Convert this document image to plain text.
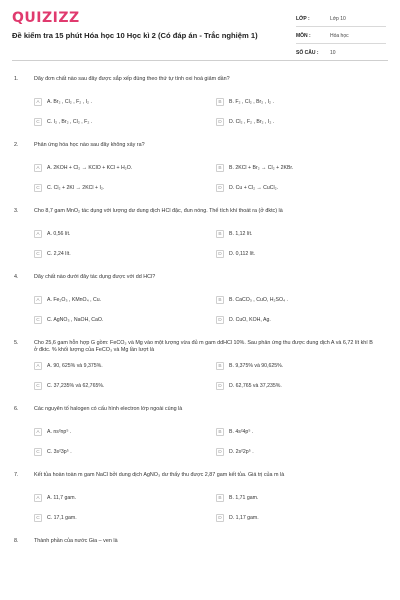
QUIZIZZ
Đề kiểm tra 15 phút Hóa học 10 Học kì 2 (Có đáp án - Trắc nghiệm 1)
LỚP :	Lớp 10
MÔN :	Hóa học
SỐ CÂU :	10
1.	Dãy đơn chất nào sau đây được sắp xếp đúng theo thứ tự tính oxi hoá giảm dần?
A	A. Br₂ , Cl₂ , F₂ , I₂ .	B	B. F₂ , Cl₂ , Br₂ , I₂ .
C	C. I₂ , Br₂ , Cl₂ , F₂ .	D	D. Cl₂ , F₂ , Br₂ , I₂ .
2.	Phản ứng hóa học nào sau đây không xảy ra?
A	A. 2KOH + Cl₂ → KClO + KCl + H₂O.	B	B. 2KCl + Br₂ → Cl₂ + 2KBr.
C	C. Cl₂ + 2KI → 2KCl + I₂.	D	D. Cu + Cl₂ → CuCl₂.
3.	Cho 8,7 gam MnO₂ tác dụng với lượng dư dung dịch HCl đặc, đun nóng. Thể tích khí thoát ra (ở đktc) là
A	A. 0,56 lít.	B	B. 1,12 lít.
C	C. 2,24 lít.	D	D. 0,112 lít.
4.	Dãy chất nào dưới đây tác dụng được với dd HCl?
A	A. Fe₂O₃ , KMnO₄ , Cu.	B	B. CaCO₃ , CuO, H₂SO₄ .
C	C. AgNO₃ , NaOH, CaO.	D	D. CuO, KOH, Ag.
5.	Cho 25,6 gam hỗn hợp G gồm: FeCO₃ và Mg vào một lượng vừa đủ m gam ddHCl 10%. Sau phản ứng thu được dung dịch A và 6,72 lít khí B ở đktc. % khối lượng của FeCO₃ và Mg lần lượt là
A	A. 90, 625% và 9,375%.	B	B. 9,375% và 90,625%.
C	C. 37,235% và 62,765%.	D	D. 62,765 và 37,235%.
6.	Các nguyên tố halogen có cấu hình electron lớp ngoài cùng là
A	A. ns²np⁵ .	B	B. 4s²4p⁵ .
C	C. 3s²3p⁵ .	D	D. 2s²2p⁵ .
7.	Kết tủa hoàn toàn m gam NaCl bởi dung dịch AgNO₃ dư thấy thu được 2,87 gam kết tủa. Giá trị của m là
A	A. 11,7 gam.	B	B. 1,71 gam.
C	C. 17,1 gam.	D	D. 1,17 gam.
8.	Thành phần của nước Gia – ven là
